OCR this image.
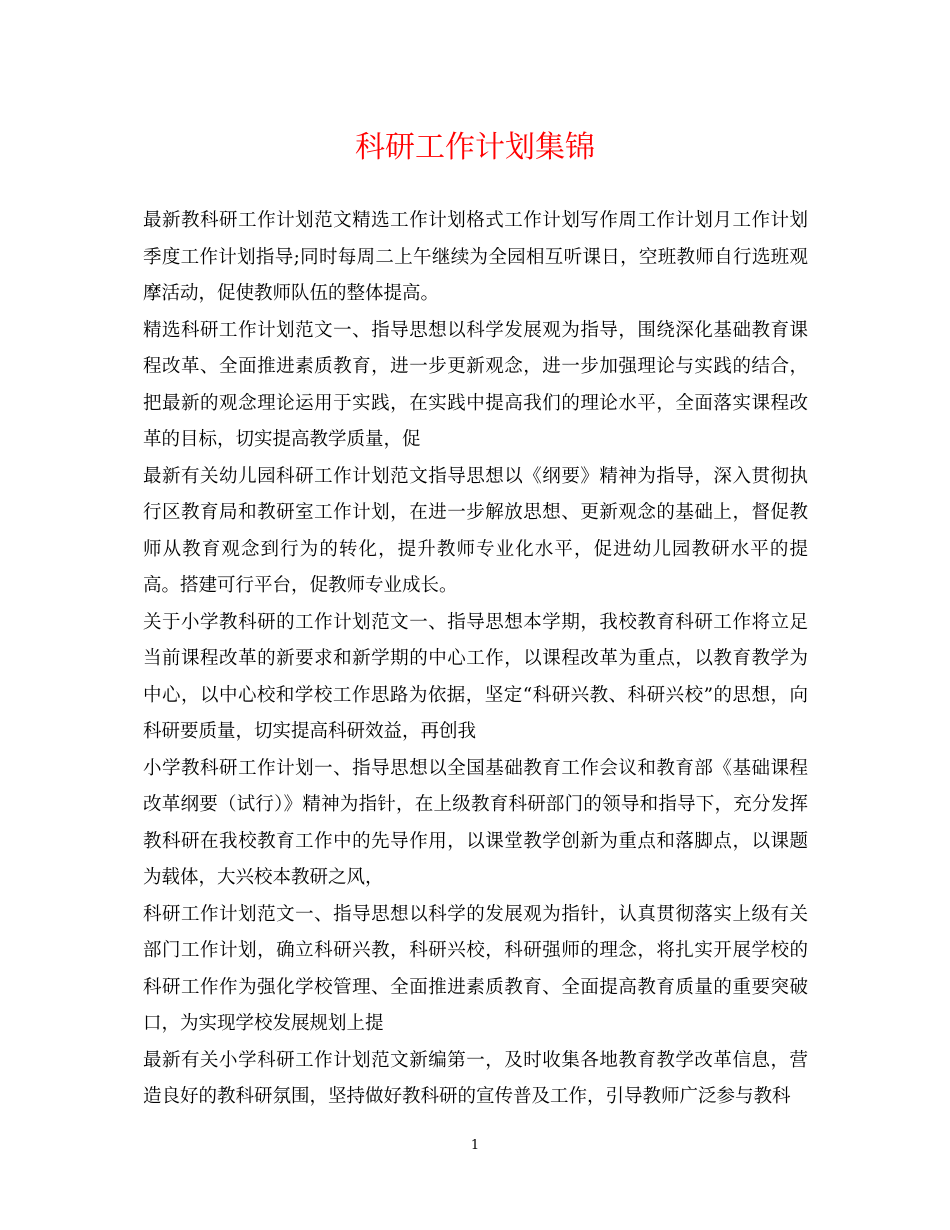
科研工作计划集锦

最新教科研工作计划范文精选工作计划格式工作计划写作周工作计划月工作计划季度工作计划指导;同时每周二上午继续为全园相互听课日，空班教师自行选班观摩活动，促使教师队伍的整体提高。

精选科研工作计划范文一、指导思想以科学发展观为指导，围绕深化基础教育课程改革、全面推进素质教育，进一步更新观念，进一步加强理论与实践的结合，把最新的观念理论运用于实践，在实践中提高我们的理论水平，全面落实课程改革的目标，切实提高教学质量，促

最新有关幼儿园科研工作计划范文指导思想以《纲要》精神为指导，深入贯彻执行区教育局和教研室工作计划，在进一步解放思想、更新观念的基础上，督促教师从教育观念到行为的转化，提升教师专业化水平，促进幼儿园教研水平的提高。搭建可行平台，促教师专业成长。

关于小学教科研的工作计划范文一、指导思想本学期，我校教育科研工作将立足当前课程改革的新要求和新学期的中心工作，以课程改革为重点，以教育教学为中心，以中心校和学校工作思路为依据，坚定“科研兴教、科研兴校”的思想，向科研要质量，切实提高科研效益，再创我

小学教科研工作计划一、指导思想以全国基础教育工作会议和教育部《基础课程改革纲要（试行）》精神为指针，在上级教育科研部门的领导和指导下，充分发挥教科研在我校教育工作中的先导作用，以课堂教学创新为重点和落脚点，以课题为载体，大兴校本教研之风，

科研工作计划范文一、指导思想以科学的发展观为指针，认真贯彻落实上级有关部门工作计划，确立科研兴教，科研兴校，科研强师的理念，将扎实开展学校的科研工作作为强化学校管理、全面推进素质教育、全面提高教育质量的重要突破口，为实现学校发展规划上提

最新有关小学科研工作计划范文新编第一，及时收集各地教育教学改革信息，营造良好的教科研氛围，坚持做好教科研的宣传普及工作，引导教师广泛参与教科

1
